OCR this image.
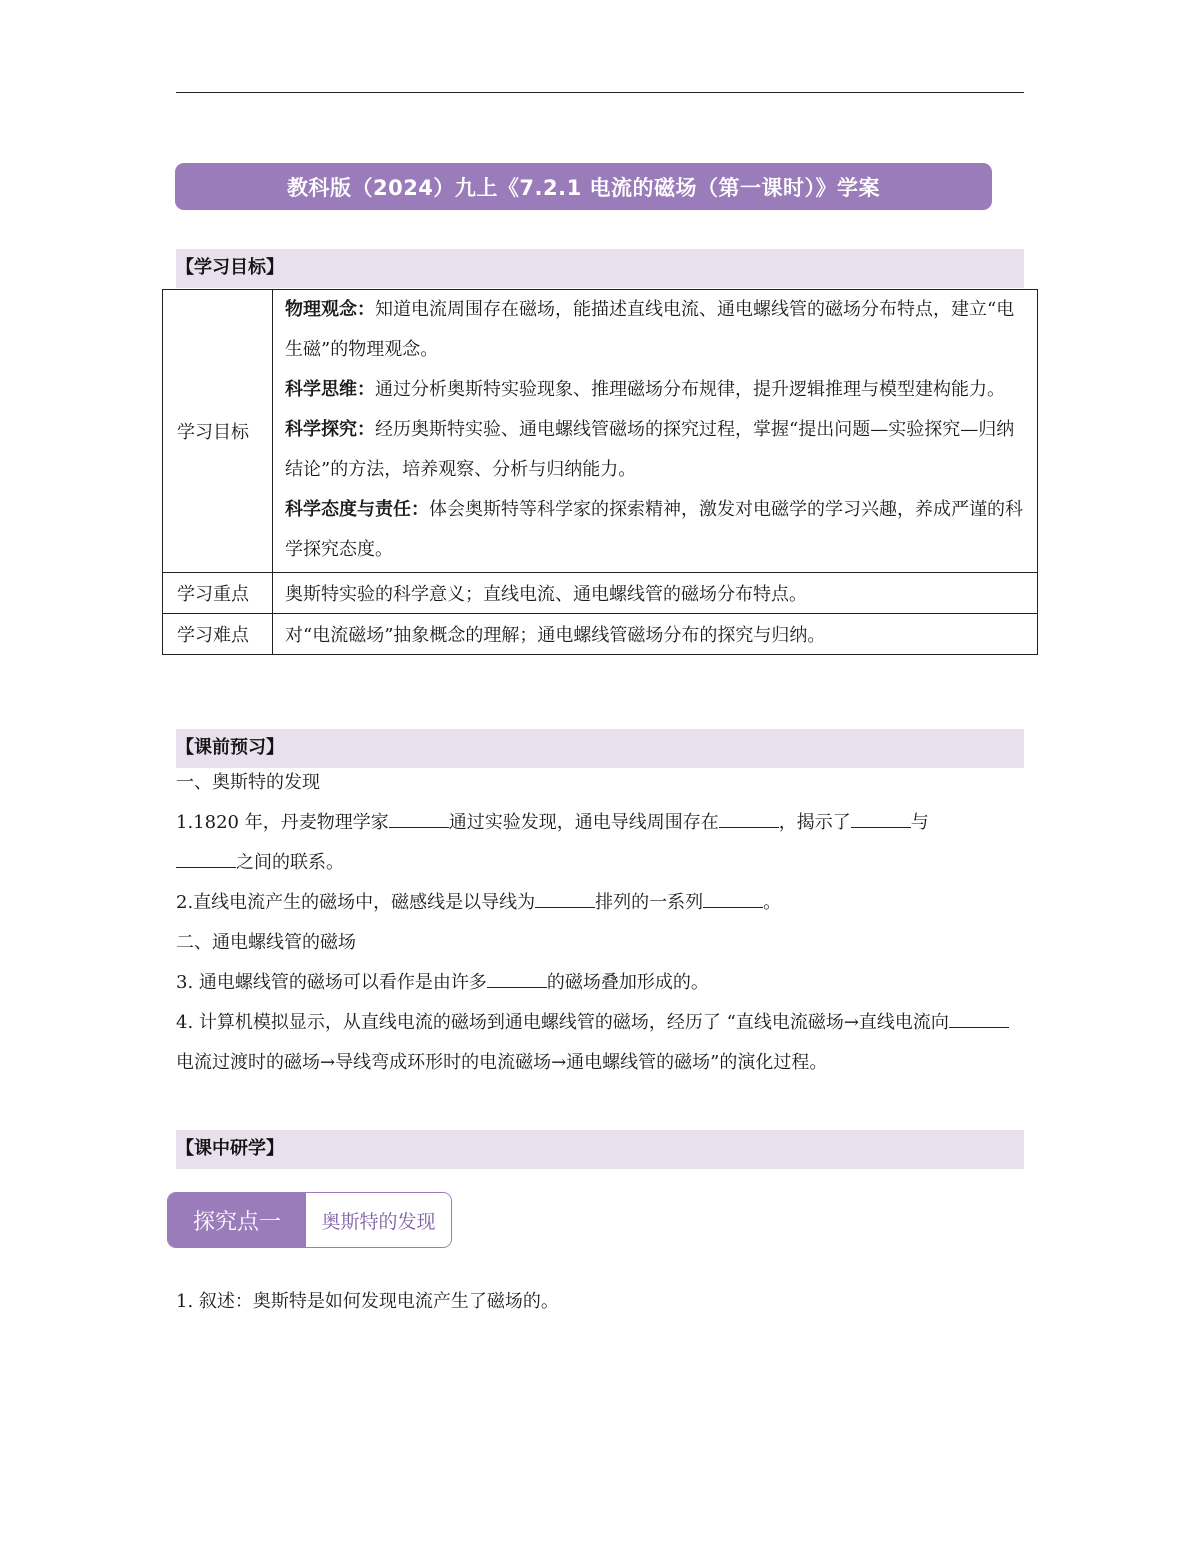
教科版（2024）九上《7.2.1 电流的磁场（第一课时）》学案
【学习目标】
学习目标	物理观念：知道电流周围存在磁场，能描述直线电流、通电螺线管的磁场分布特点，建立“电生磁”的物理观念。

科学思维：通过分析奥斯特实验现象、推理磁场分布规律，提升逻辑推理与模型建构能力。

科学探究：经历奥斯特实验、通电螺线管磁场的探究过程，掌握“提出问题—实验探究—归纳结论”的方法，培养观察、分析与归纳能力。

科学态度与责任：体会奥斯特等科学家的探索精神，激发对电磁学的学习兴趣，养成严谨的科学探究态度。

学习重点	奥斯特实验的科学意义；直线电流、通电螺线管的磁场分布特点。
学习难点	对“电流磁场”抽象概念的理解；通电螺线管磁场分布的探究与归纳。
【课前预习】

一、奥斯特的发现

1.1820 年，丹麦物理学家	通过实验发现，通电导线周围存在	，揭示了	与
之间的联系。

2.直线电流产生的磁场中，磁感线是以导线为	排列的一系列	。

二、通电螺线管的磁场

3. 通电螺线管的磁场可以看作是由许多	的磁场叠加形成的。

4. 计算机模拟显示，从直线电流的磁场到通电螺线管的磁场，经历了 “直线电流磁场→直线电流向电流过渡时的磁场→导线弯成环形时的电流磁场→通电螺线管的磁场”的演化过程。

【课中研学】
探究点一	奥斯特的发现

1. 叙述：奥斯特是如何发现电流产生了磁场的。
